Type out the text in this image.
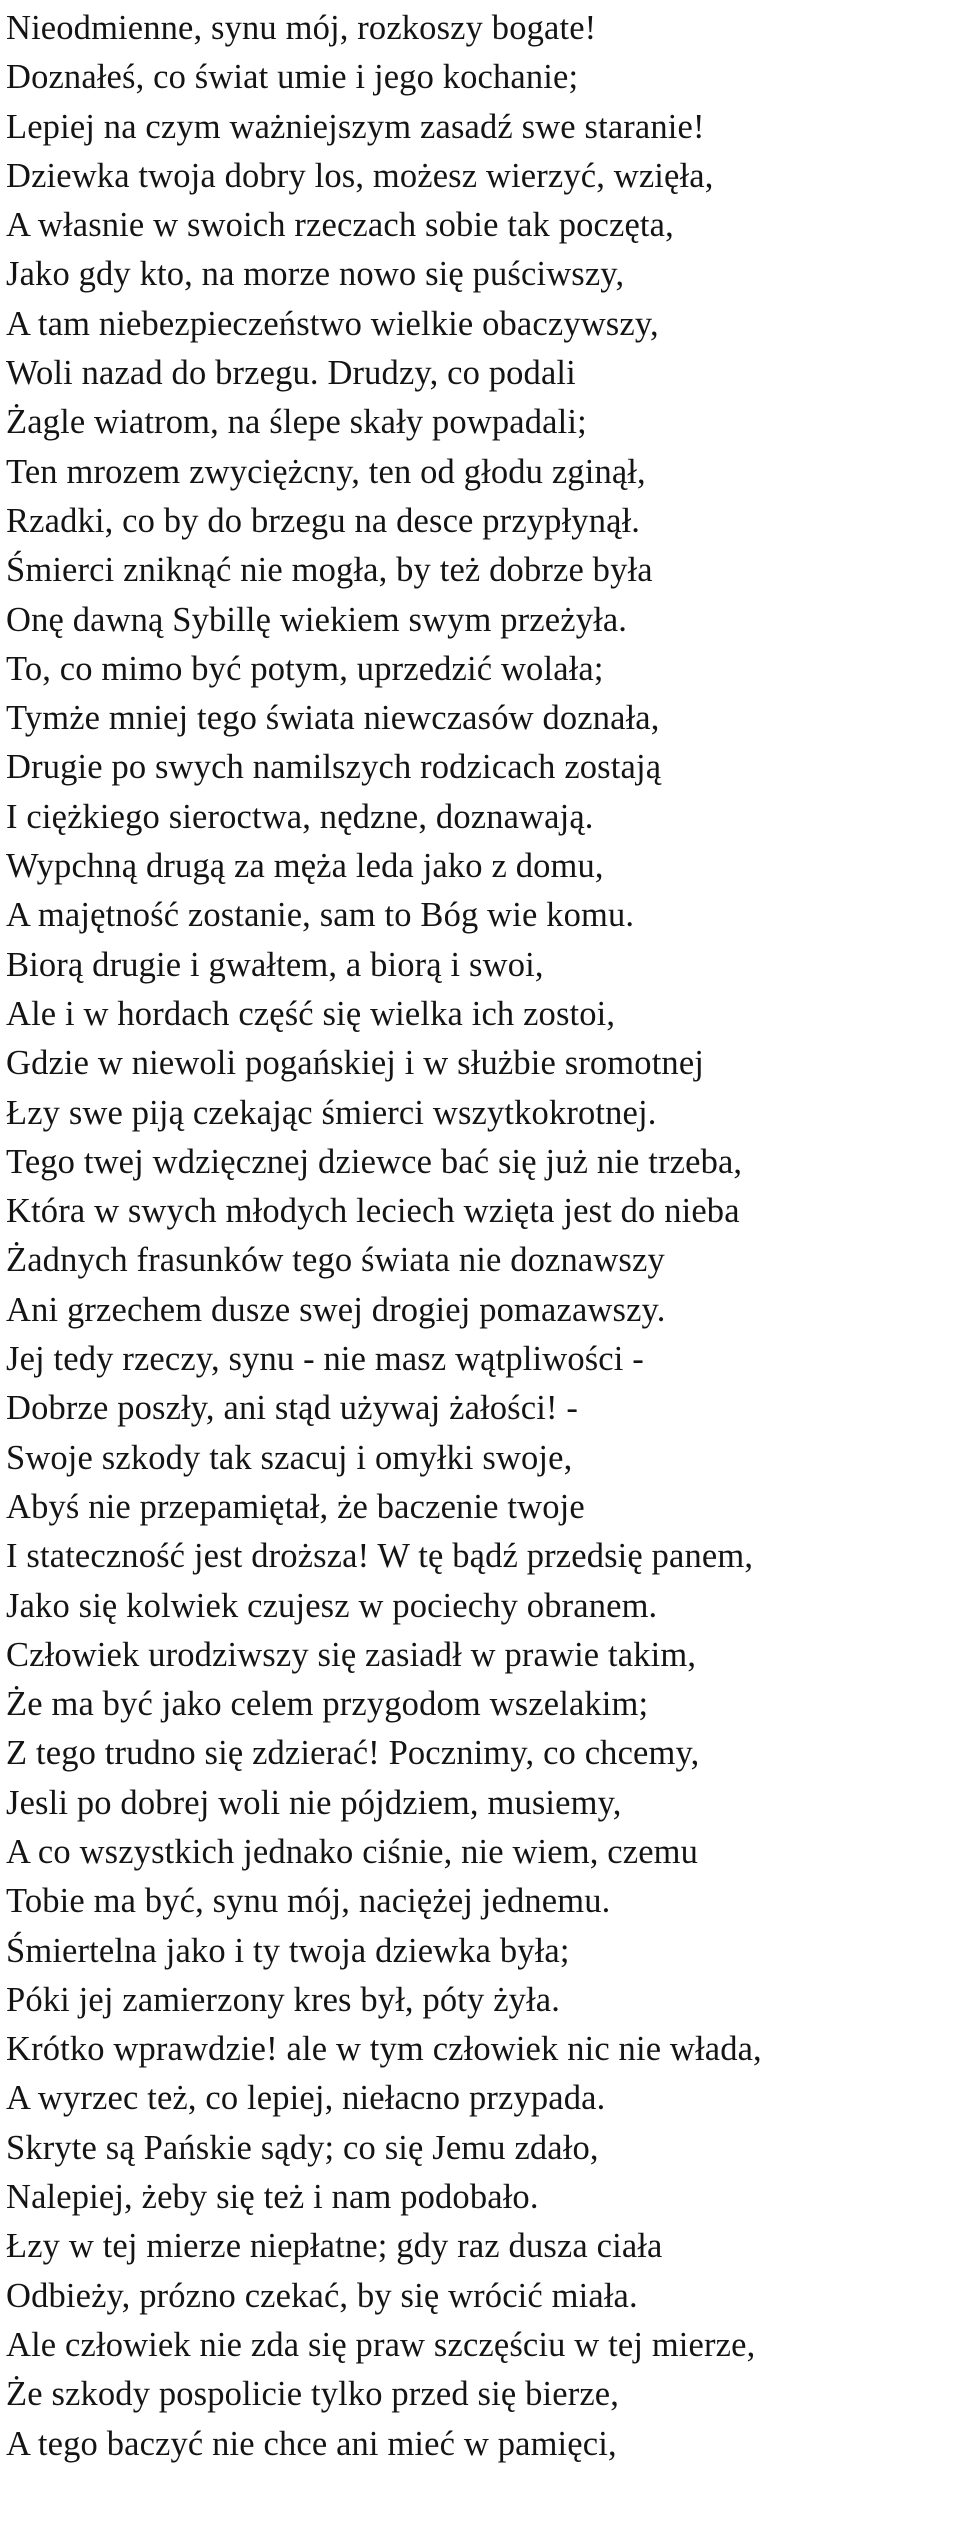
Nieodmienne, synu mój, rozkoszy bogate!
Doznałeś, co świat umie i jego kochanie;
Lepiej na czym ważniejszym zasadź swe staranie!
Dziewka twoja dobry los, możesz wierzyć, wzięła,
A własnie w swoich rzeczach sobie tak poczęta,
Jako gdy kto, na morze nowo się puściwszy,
A tam niebezpieczeństwo wielkie obaczywszy,
Woli nazad do brzegu. Drudzy, co podali
Żagle wiatrom, na ślepe skały powpadali;
Ten mrozem zwyciężcny, ten od głodu zginął,
Rzadki, co by do brzegu na desce przypłynął.
Śmierci zniknąć nie mogła, by też dobrze była
Onę dawną Sybillę wiekiem swym przeżyła.
To, co mimo być potym, uprzedzić wolała;
Tymże mniej tego świata niewczasów doznała,
Drugie po swych namilszych rodzicach zostają
I ciężkiego sieroctwa, nędzne, doznawają.
Wypchną drugą za męża leda jako z domu,
A majętność zostanie, sam to Bóg wie komu.
Biorą drugie i gwałtem, a biorą i swoi,
Ale i w hordach część się wielka ich zostoi,
Gdzie w niewoli pogańskiej i w służbie sromotnej
Łzy swe piją czekając śmierci wszytkokrotnej.
Tego twej wdzięcznej dziewce bać się już nie trzeba,
Która w swych młodych leciech wzięta jest do nieba
Żadnych frasunków tego świata nie doznawszy
Ani grzechem dusze swej drogiej pomazawszy.
Jej tedy rzeczy, synu - nie masz wątpliwości -
Dobrze poszły, ani stąd używaj żałości! -
Swoje szkody tak szacuj i omyłki swoje,
Abyś nie przepamiętał, że baczenie twoje
I stateczność jest droższa! W tę bądź przedsię panem,
Jako się kolwiek czujesz w pociechy obranem.
Człowiek urodziwszy się zasiadł w prawie takim,
Że ma być jako celem przygodom wszelakim;
Z tego trudno się zdzierać! Pocznimy, co chcemy,
Jesli po dobrej woli nie pójdziem, musiemy,
A co wszystkich jednako ciśnie, nie wiem, czemu
Tobie ma być, synu mój, naciężej jednemu.
Śmiertelna jako i ty twoja dziewka była;
Póki jej zamierzony kres był, póty żyła.
Krótko wprawdzie! ale w tym człowiek nic nie włada,
A wyrzec też, co lepiej, niełacno przypada.
Skryte są Pańskie sądy; co się Jemu zdało,
Nalepiej, żeby się też i nam podobało.
Łzy w tej mierze niepłatne; gdy raz dusza ciała
Odbieży, prózno czekać, by się wrócić miała.
Ale człowiek nie zda się praw szczęściu w tej mierze,
Że szkody pospolicie tylko przed się bierze,
A tego baczyć nie chce ani mieć w pamięci,
